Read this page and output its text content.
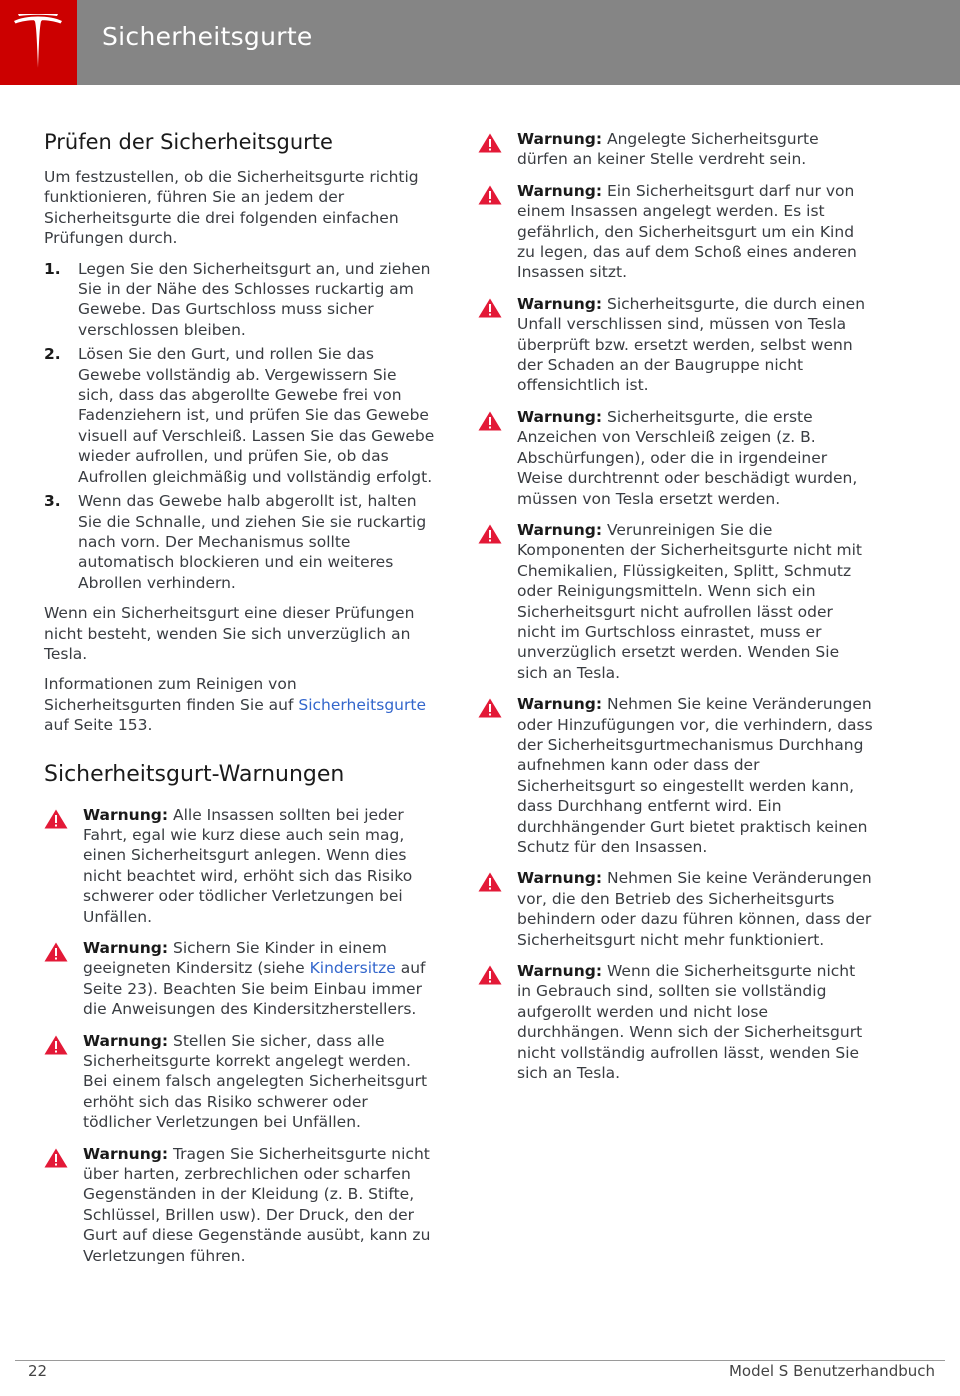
Sicherheitsgurte
Prüfen der Sicherheitsgurte

Um festzustellen, ob die Sicherheitsgurte richtig funktionieren, führen Sie an jedem der Sicherheitsgurte die drei folgenden einfachen Prüfungen durch.

1. Legen Sie den Sicherheitsgurt an, und ziehen Sie in der Nähe des Schlosses ruckartig am Gewebe. Das Gurtschloss muss sicher verschlossen bleiben.
2. Lösen Sie den Gurt, und rollen Sie das Gewebe vollständig ab. Vergewissern Sie sich, dass das abgerollte Gewebe frei von Fadenziehern ist, und prüfen Sie das Gewebe visuell auf Verschleiß. Lassen Sie das Gewebe wieder aufrollen, und prüfen Sie, ob das Aufrollen gleichmäßig und vollständig erfolgt.
3. Wenn das Gewebe halb abgerollt ist, halten Sie die Schnalle, und ziehen Sie sie ruckartig nach vorn. Der Mechanismus sollte automatisch blockieren und ein weiteres Abrollen verhindern.

Wenn ein Sicherheitsgurt eine dieser Prüfungen nicht besteht, wenden Sie sich unverzüglich an Tesla.

Informationen zum Reinigen von Sicherheitsgurten finden Sie auf Sicherheitsgurte auf Seite 153.

Sicherheitsgurt-Warnungen
Warnung: Alle Insassen sollten bei jeder Fahrt, egal wie kurz diese auch sein mag, einen Sicherheitsgurt anlegen. Wenn dies nicht beachtet wird, erhöht sich das Risiko schwerer oder tödlicher Verletzungen bei Unfällen.
Warnung: Sichern Sie Kinder in einem geeigneten Kindersitz (siehe Kindersitze auf Seite 23). Beachten Sie beim Einbau immer die Anweisungen des Kindersitzherstellers.
Warnung: Stellen Sie sicher, dass alle Sicherheitsgurte korrekt angelegt werden. Bei einem falsch angelegten Sicherheitsgurt erhöht sich das Risiko schwerer oder tödlicher Verletzungen bei Unfällen.
Warnung: Tragen Sie Sicherheitsgurte nicht über harten, zerbrechlichen oder scharfen Gegenständen in der Kleidung (z. B. Stifte, Schlüssel, Brillen usw). Der Druck, den der Gurt auf diese Gegenstände ausübt, kann zu Verletzungen führen.
Warnung: Angelegte Sicherheitsgurte dürfen an keiner Stelle verdreht sein.
Warnung: Ein Sicherheitsgurt darf nur von einem Insassen angelegt werden. Es ist gefährlich, den Sicherheitsgurt um ein Kind zu legen, das auf dem Schoß eines anderen Insassen sitzt.
Warnung: Sicherheitsgurte, die durch einen Unfall verschlissen sind, müssen von Tesla überprüft bzw. ersetzt werden, selbst wenn der Schaden an der Baugruppe nicht offensichtlich ist.
Warnung: Sicherheitsgurte, die erste Anzeichen von Verschleiß zeigen (z. B. Abschürfungen), oder die in irgendeiner Weise durchtrennt oder beschädigt wurden, müssen von Tesla ersetzt werden.
Warnung: Verunreinigen Sie die Komponenten der Sicherheitsgurte nicht mit Chemikalien, Flüssigkeiten, Splitt, Schmutz oder Reinigungsmitteln. Wenn sich ein Sicherheitsgurt nicht aufrollen lässt oder nicht im Gurtschloss einrastet, muss er unverzüglich ersetzt werden. Wenden Sie sich an Tesla.
Warnung: Nehmen Sie keine Veränderungen oder Hinzufügungen vor, die verhindern, dass der Sicherheitsgurtmechanismus Durchhang aufnehmen kann oder dass der Sicherheitsgurt so eingestellt werden kann, dass Durchhang entfernt wird. Ein durchhängender Gurt bietet praktisch keinen Schutz für den Insassen.
Warnung: Nehmen Sie keine Veränderungen vor, die den Betrieb des Sicherheitsgurts behindern oder dazu führen können, dass der Sicherheitsgurt nicht mehr funktioniert.
Warnung: Wenn die Sicherheitsgurte nicht in Gebrauch sind, sollten sie vollständig aufgerollt werden und nicht lose durchhängen. Wenn sich der Sicherheitsgurt nicht vollständig aufrollen lässt, wenden Sie sich an Tesla.
22	Model S Benutzerhandbuch
